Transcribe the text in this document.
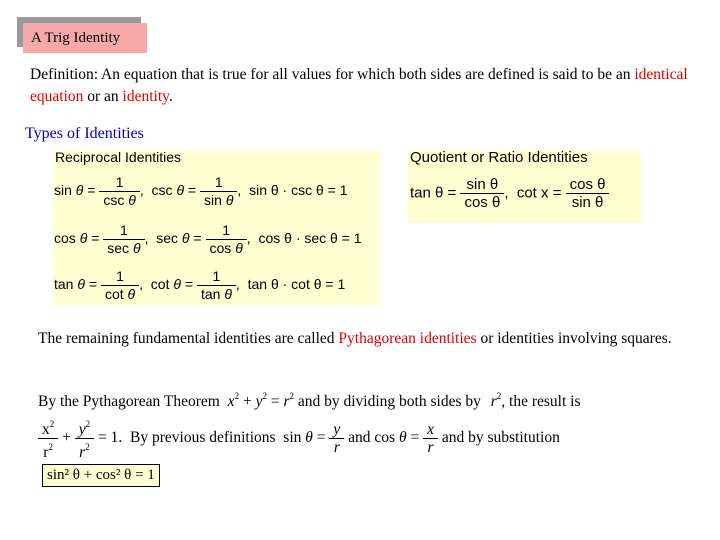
A Trig Identity
Definition: An equation that is true for all values for which both sides are defined is said to be an identical equation or an identity.
Types of Identities
Reciprocal Identities
$\sin \theta = \frac{1}{\text{csc θ}}$ ,  $\csc \theta = \frac{1}{\text{sin θ}}$ ,  sin θ · csc θ = 1
$\cos \theta = \frac{1}{\text{sec θ}}$ ,  $\sec \theta = \frac{1}{\text{cos θ}}$ ,  cos θ · sec θ = 1
$\tan \theta = \frac{1}{\text{cot θ}}$ ,  $\cot \theta = \frac{1}{\text{tan θ}}$ ,  tan θ · cot θ = 1
Quotient or Ratio Identities
$\tan \theta = \frac{\text{sin θ}}{\text{cos θ}}$ ,  $\cot x = \frac{\text{cos θ}}{\text{sin θ}}$
The remaining fundamental identities are called Pythagorean identities or identities involving squares.
By the Pythagorean Theorem $x^2 + y^2 = r^2$ and by dividing both sides by $r^2$, the result is
$\frac{x^2}{r^2} + \frac{y^2}{r^2} = 1$. By previous definitions  $\sin \theta = \frac{y}{r}$ and $\cos \theta = \frac{x}{r}$ and by substitution
sin² θ + cos² θ = 1
